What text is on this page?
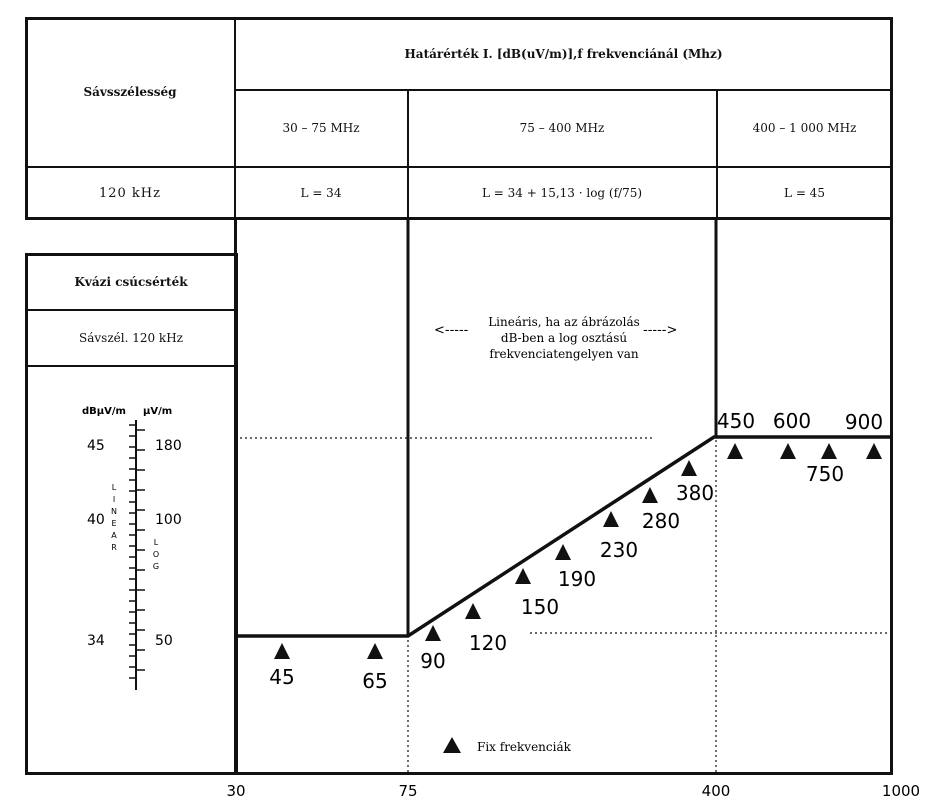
Sávsszélesség
Határérték I. [dB(uV/m)],f frekvenciánál (Mhz)
30 – 75 MHz	75 – 400 MHz	400 – 1 000 MHz
120 kHz	L = 34	L = 34 + 15,13 · log (f/75)	L = 45
Kvázi csúcsérték
Sávszél. 120 kHz
dBμV/m μV/m
45
40
34
180
100
50
L
I
N
E
A
R
L
O
G
<-----	----->
Lineáris, ha az ábrázolás
dB-ben a log osztású
frekvenciatengelyen van
45	65
90
120
150
190
230
280
380
450 600
750
900
Fix frekvenciák
30	75	400	1000
